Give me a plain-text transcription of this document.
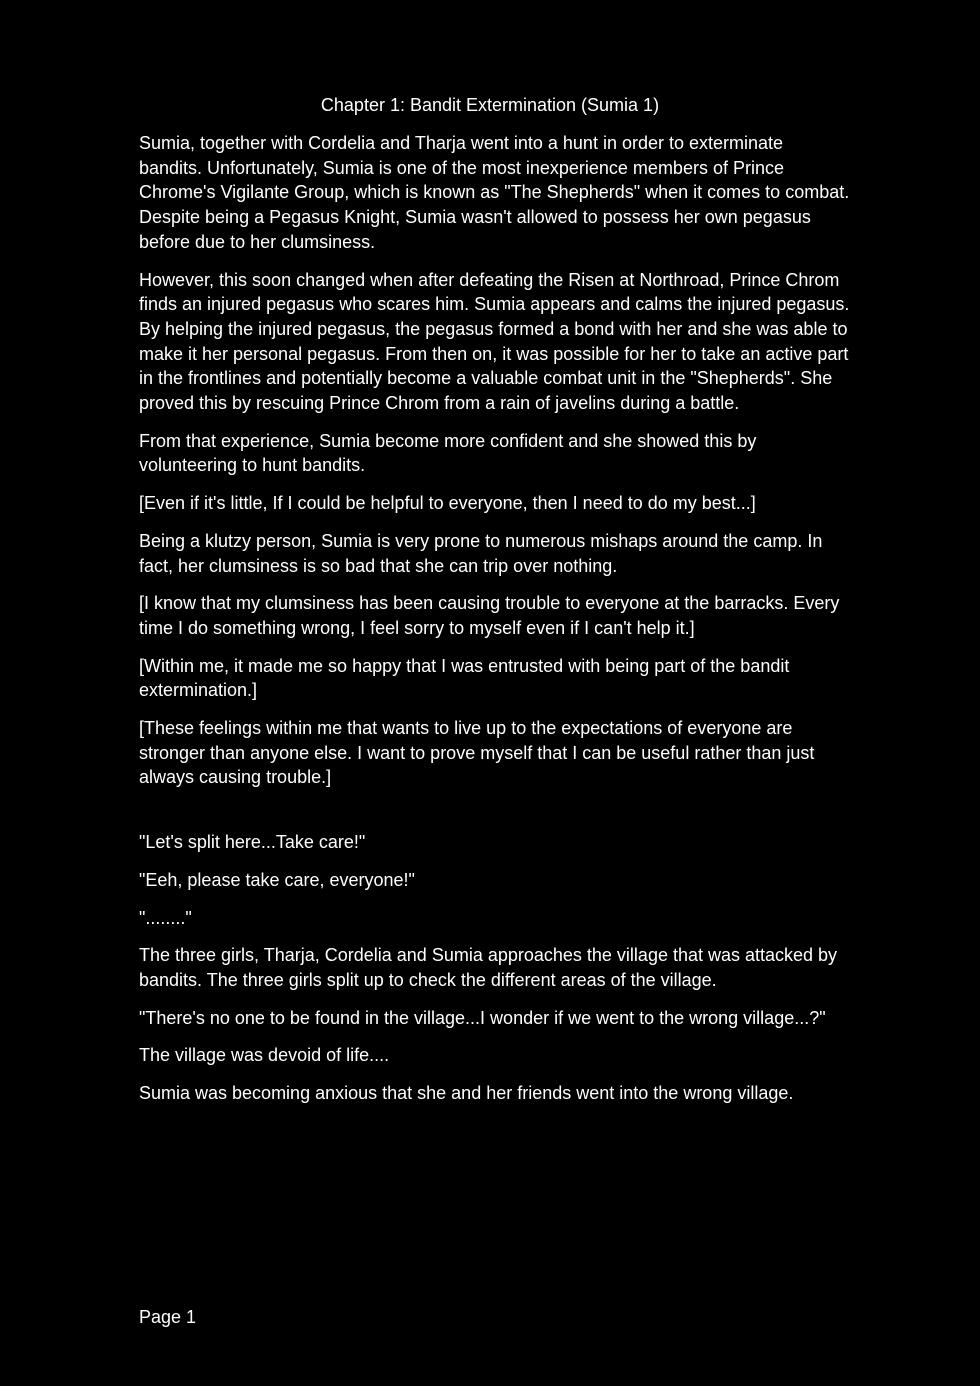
Chapter 1: Bandit Extermination (Sumia 1)

Sumia, together with Cordelia and Tharja went into a hunt in order to exterminate bandits. Unfortunately, Sumia is one of the most inexperience members of Prince Chrome's Vigilante Group, which is known as "The Shepherds" when it comes to combat. Despite being a Pegasus Knight, Sumia wasn't allowed to possess her own pegasus before due to her clumsiness.

However, this soon changed when after defeating the Risen at Northroad, Prince Chrom finds an injured pegasus who scares him. Sumia appears and calms the injured pegasus. By helping the injured pegasus, the pegasus formed a bond with her and she was able to make it her personal pegasus. From then on, it was possible for her to take an active part in the frontlines and potentially become a valuable combat unit in the "Shepherds". She proved this by rescuing Prince Chrom from a rain of javelins during a battle.

From that experience, Sumia become more confident and she showed this by volunteering to hunt bandits.

[Even if it's little, If I could be helpful to everyone, then I need to do my best...]

Being a klutzy person, Sumia is very prone to numerous mishaps around the camp. In fact, her clumsiness is so bad that she can trip over nothing.

[I know that my clumsiness has been causing trouble to everyone at the barracks. Every time I do something wrong, I feel sorry to myself even if I can't help it.]

[Within me, it made me so happy that I was entrusted with being part of the bandit extermination.]

[These feelings within me that wants to live up to the expectations of everyone are stronger than anyone else. I want to prove myself that I can be useful rather than just always causing trouble.]

"Let's split here...Take care!"

"Eeh, please take care, everyone!"

"........"

The three girls, Tharja, Cordelia and Sumia approaches the village that was attacked by bandits. The three girls split up to check the different areas of the village.

"There's no one to be found in the village...I wonder if we went to the wrong village...?"

The village was devoid of life....

Sumia was becoming anxious that she and her friends went into the wrong village.

Page 1
